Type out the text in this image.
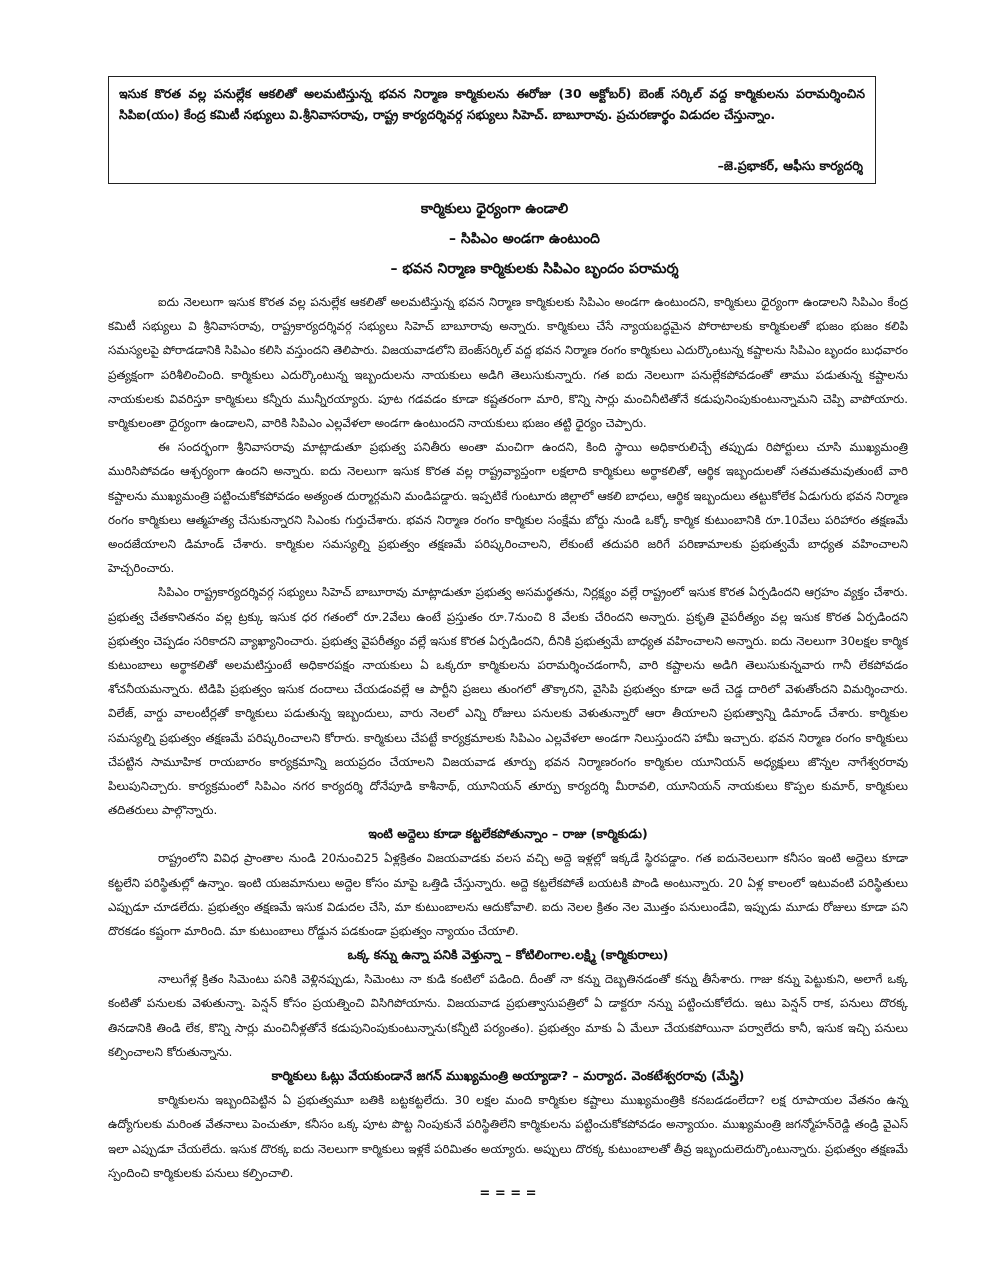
ఇసుక కొరత వల్ల పనుల్లేక ఆకలితో అలమటిస్తున్న భవన నిర్మాణ కార్మికులను ఈరోజు (30 అక్టోబర్) బెంజ్ సర్కిల్ వద్ద కార్మికులను పరామర్శించిన సిపిఐ(యం) కేంద్ర కమిటీ సభ్యులు వి.శ్రీనివాసరావు, రాష్ట్ర కార్యదర్శివర్గ సభ్యులు సిహెచ్. బాబూరావు. ప్రచురణార్థం విడుదల చేస్తున్నాం.

–జె.ప్రభాకర్, ఆఫీసు కార్యదర్శి

కార్మికులు ధైర్యంగా ఉండాలి

– సిపిఎం అండగా ఉంటుంది

– భవన నిర్మాణ కార్మికులకు సిపిఎం బృందం పరామర్శ

ఐదు నెలలుగా ఇసుక కొరత వల్ల పనుల్లేక ఆకలితో అలమటిస్తున్న భవన నిర్మాణ కార్మికులకు సిపిఎం అండగా ఉంటుందని, కార్మికులు ధైర్యంగా ఉండాలని సిపిఎం కేంద్ర కమిటీ సభ్యులు వి శ్రీనివాసరావు, రాష్ట్రకార్యదర్శివర్గ సభ్యులు సిహెచ్ బాబూరావు అన్నారు. కార్మికులు చేసే న్యాయబద్ధమైన పోరాటాలకు కార్మికులతో భుజం భుజం కలిపి సమస్యలపై పోరాడడానికి సిపిఎం కలిసి వస్తుందని తెలిపారు. విజయవాడలోని బెంజ్‌సర్కిల్ వద్ద భవన నిర్మాణ రంగం కార్మికులు ఎదుర్కొంటున్న కష్టాలను సిపిఎం బృందం బుధవారం ప్రత్యక్షంగా పరిశీలించింది. కార్మికులు ఎదుర్కొంటున్న ఇబ్బందులను నాయకులు అడిగి తెలుసుకున్నారు. గత ఐదు నెలలుగా పనుల్లేకపోవడంతో తాము పడుతున్న కష్టాలను నాయకులకు వివరిస్తూ కార్మికులు కన్నీరు మున్నీరయ్యారు. పూట గడవడం కూడా కష్టతరంగా మారి, కొన్ని సార్లు మంచినీటితోనే కడుపునింపుకుంటున్నామని చెప్పి వాపోయారు. కార్మికులంతా ధైర్యంగా ఉండాలని, వారికి సిపిఎం ఎల్లవేళలా అండగా ఉంటుందని నాయకులు భుజం తట్టి ధైర్యం చెప్పారు.

ఈ సందర్భంగా శ్రీనివాసరావు మాట్లాడుతూ ప్రభుత్వ పనితీరు అంతా మంచిగా ఉందని, కింది స్థాయి అధికారులిచ్చే తప్పుడు రిపోర్టులు చూసి ముఖ్యమంత్రి మురిసిపోవడం ఆశ్చర్యంగా ఉందని అన్నారు. ఐదు నెలలుగా ఇసుక కొరత వల్ల రాష్ట్రవ్యాప్తంగా లక్షలాది కార్మికులు అర్థాకలితో, ఆర్థిక ఇబ్బందులతో సతమతమవుతుంటే వారి కష్టాలను ముఖ్యమంత్రి పట్టించుకోకపోవడం అత్యంత దుర్మార్గమని మండిపడ్డారు. ఇప్పటికే గుంటూరు జిల్లాలో ఆకలి బాధలు, ఆర్థిక ఇబ్బందులు తట్టుకోలేక ఏడుగురు భవన నిర్మాణ రంగం కార్మికులు ఆత్మహత్య చేసుకున్నారని సిఎంకు గుర్తుచేశారు. భవన నిర్మాణ రంగం కార్మికుల సంక్షేమ బోర్డు నుండి ఒక్కో కార్మిక కుటుంబానికి రూ.10వేలు పరిహారం తక్షణమే అందజేయాలని డిమాండ్ చేశారు. కార్మికుల సమస్యల్ని ప్రభుత్వం తక్షణమే పరిష్కరించాలని, లేకుంటే తదుపరి జరిగే పరిణామాలకు ప్రభుత్వమే బాధ్యత వహించాలని హెచ్చరించారు.

సిపిఎం రాష్ట్రకార్యదర్శివర్గ సభ్యులు సిహెచ్ బాబూరావు మాట్లాడుతూ ప్రభుత్వ అసమర్థతను, నిర్లక్ష్యం వల్లే రాష్ట్రంలో ఇసుక కొరత ఏర్పడిందని ఆగ్రహం వ్యక్తం చేశారు. ప్రభుత్వ చేతకానితనం వల్ల ట్రక్కు ఇసుక ధర గతంలో రూ.2వేలు ఉంటే ప్రస్తుతం రూ.7నుంచి 8 వేలకు చేరిందని అన్నారు. ప్రకృతి వైపరీత్యం వల్ల ఇసుక కొరత ఏర్పడిందని ప్రభుత్వం చెప్పడం సరికాదని వ్యాఖ్యానించారు. ప్రభుత్వ వైపరీత్యం వల్లే ఇసుక కొరత ఏర్పడిందని, దీనికి ప్రభుత్వమే బాధ్యత వహించాలని అన్నారు. ఐదు నెలలుగా 30లక్షల కార్మిక కుటుంబాలు అర్థాకలితో అలమటిస్తుంటే అధికారపక్షం నాయకులు ఏ ఒక్కరూ కార్మికులను పరామర్శించడంగానీ, వారి కష్టాలను అడిగి తెలుసుకున్నవారు గానీ లేకపోవడం శోచనీయమన్నారు. టిడిపి ప్రభుత్వం ఇసుక దందాలు చేయడంవల్లే ఆ పార్టీని ప్రజలు తుంగలో తొక్కారని, వైసిపి ప్రభుత్వం కూడా అదే చెడ్డ దారిలో వెళుతోందని విమర్శించారు. విలేజ్, వార్డు వాలంటీర్లతో కార్మికులు పడుతున్న ఇబ్బందులు, వారు నెలలో ఎన్ని రోజులు పనులకు వెళుతున్నారో ఆరా తీయాలని ప్రభుత్వాన్ని డిమాండ్ చేశారు. కార్మికుల సమస్యల్ని ప్రభుత్వం తక్షణమే పరిష్కరించాలని కోరారు. కార్మికులు చేపట్టే కార్యక్రమాలకు సిపిఎం ఎల్లవేళలా అండగా నిలుస్తుందని హామీ ఇచ్చారు. భవన నిర్మాణ రంగం కార్మికులు చేపట్టిన సామూహిక రాయబారం కార్యక్రమాన్ని జయప్రదం చేయాలని విజయవాడ తూర్పు భవన నిర్మాణరంగం కార్మికుల యూనియన్ అధ్యక్షులు జొన్నల నాగేశ్వరరావు పిలుపునిచ్చారు. కార్యక్రమంలో సిపిఎం నగర కార్యదర్శి దోనేపూడి కాశీనాథ్, యూనియన్ తూర్పు కార్యదర్శి మీరావలి, యూనియన్ నాయకులు కొప్పల కుమార్, కార్మికులు తదితరులు పాల్గొన్నారు.

ఇంటి అద్దెలు కూడా కట్టలేకపోతున్నాం – రాజు (కార్మికుడు)

రాష్ట్రంలోని వివిధ ప్రాంతాల నుండి 20నుంచి25 ఏళ్లక్రితం విజయవాడకు వలస వచ్చి అద్దె ఇళ్లల్లో ఇక్కడే స్థిరపడ్డాం. గత ఐదునెలలుగా కనీసం ఇంటి అద్దెలు కూడా కట్టలేని పరిస్థితుల్లో ఉన్నాం. ఇంటి యజమానులు అద్దెల కోసం మాపై ఒత్తిడి చేస్తున్నారు. అద్దె కట్టలేకపోతే బయటకి పొండి అంటున్నారు. 20 ఏళ్ల కాలంలో ఇటువంటి పరిస్థితులు ఎప్పుడూ చూడలేదు. ప్రభుత్వం తక్షణమే ఇసుక విడుదల చేసి, మా కుటుంబాలను ఆదుకోవాలి. ఐదు నెలల క్రితం నెల మొత్తం పనులుండేవి, ఇప్పుడు మూడు రోజులు కూడా పని దొరకడం కష్టంగా మారింది. మా కుటుంబాలు రోడ్డున పడకుండా ప్రభుత్వం న్యాయం చేయాలి.

ఒక్క కన్ను ఉన్నా పనికి వెళ్తున్నా – కోటిలింగాల.లక్ష్మి (కార్మికురాలు)

నాలుగేళ్ల క్రితం సిమెంటు పనికి వెళ్లినప్పుడు, సిమెంటు నా కుడి కంటిలో పడింది. దీంతో నా కన్ను దెబ్బతినడంతో కన్ను తీసేశారు. గాజు కన్ను పెట్టుకుని, అలాగే ఒక్క కంటితో పనులకు వెళుతున్నా. పెన్షన్ కోసం ప్రయత్నించి విసిగిపోయాను. విజయవాడ ప్రభుత్వాసుపత్రిలో ఏ డాక్టరూ నన్ను పట్టించుకోలేదు. ఇటు పెన్షన్ రాక, పనులు దొరక్క తినడానికి తిండి లేక, కొన్ని సార్లు మంచినీళ్లతోనే కడుపునింపుకుంటున్నాను(కన్నీటి పర్యంతం). ప్రభుత్వం మాకు ఏ మేలూ చేయకపోయినా పర్వాలేదు కానీ, ఇసుక ఇచ్చి పనులు కల్పించాలని కోరుతున్నాను.

కార్మికులు ఓట్లు వేయకుండానే జగన్ ముఖ్యమంత్రి అయ్యాడా? – మర్యాద. వెంకటేశ్వరరావు (మేస్త్రి)

కార్మికులను ఇబ్బందిపెట్టిన ఏ ప్రభుత్వమూ బతికి బట్టకట్టలేదు. 30 లక్షల మంది కార్మికుల కష్టాలు ముఖ్యమంత్రికి కనబడడంలేదా? లక్ష రూపాయల వేతనం ఉన్న ఉద్యోగులకు మరింత వేతనాలు పెంచుతూ, కనీసం ఒక్క పూట పొట్ట నింపుకునే పరిస్థితిలేని కార్మికులను పట్టించుకోకపోవడం అన్యాయం. ముఖ్యమంత్రి జగన్మోహన్‌రెడ్డి తండ్రి వైఎస్ ఇలా ఎప్పుడూ చేయలేదు. ఇసుక దొరక్క ఐదు నెలలుగా కార్మికులు ఇళ్లకే పరిమితం అయ్యారు. అప్పులు దొరక్క కుటుంబాలతో తీవ్ర ఇబ్బందులెదుర్కొంటున్నారు. ప్రభుత్వం తక్షణమే స్పందించి కార్మికులకు పనులు కల్పించాలి.

= = = =
